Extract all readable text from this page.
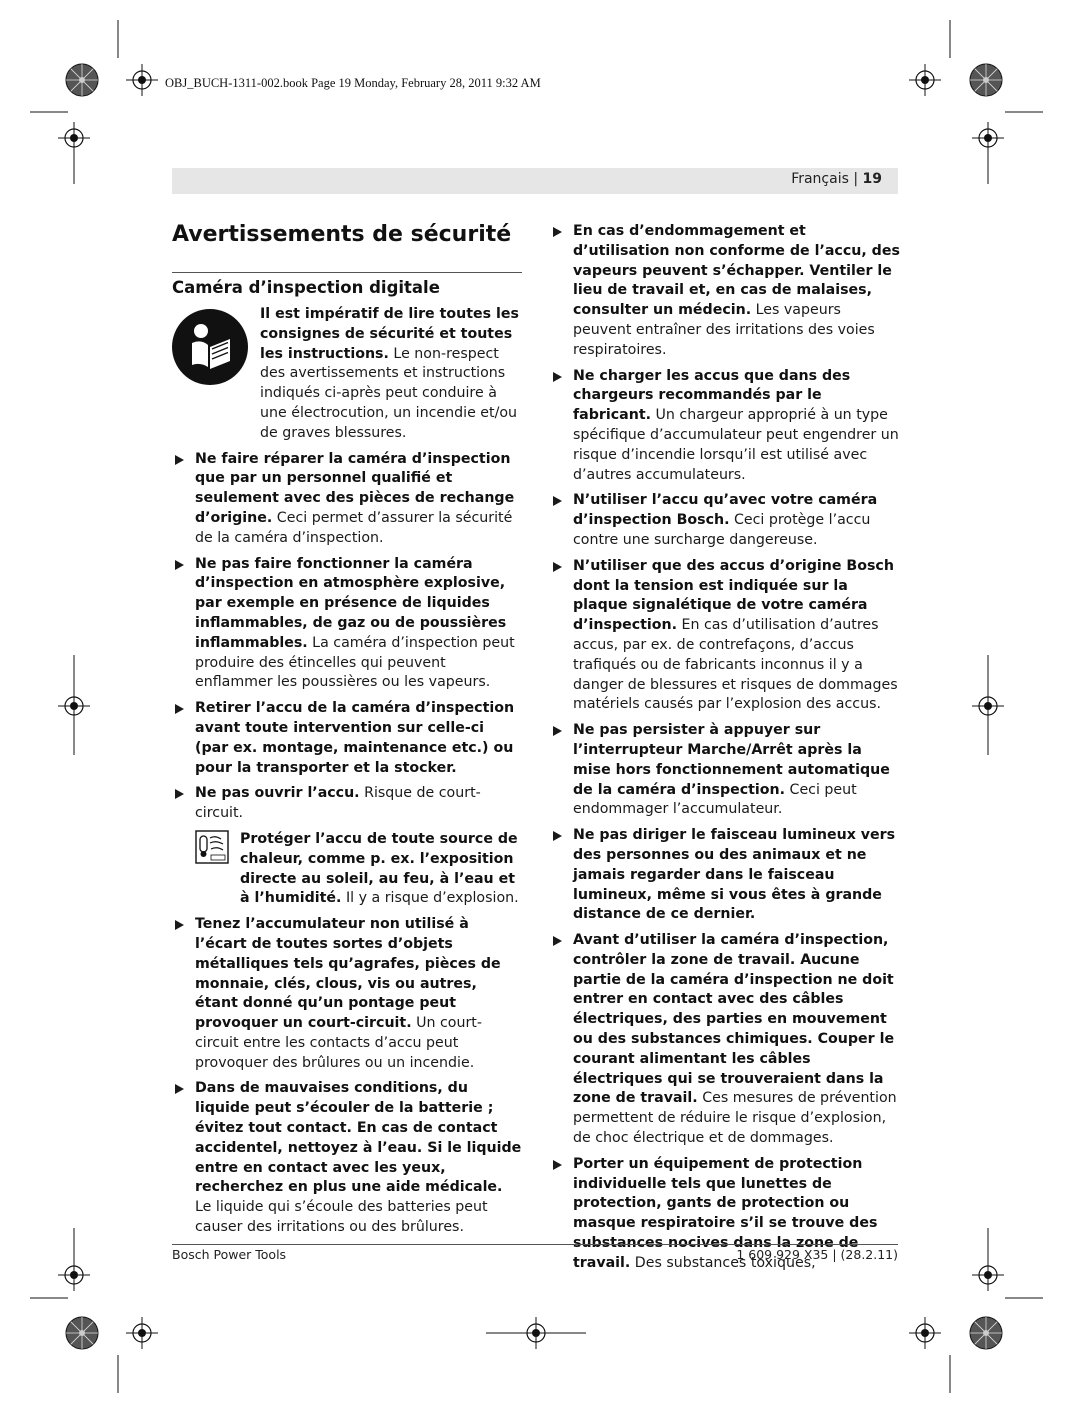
OBJ_BUCH-1311-002.book Page 19 Monday, February 28, 2011 9:32 AM
Français | 19
Avertissements de sécurité
Caméra d’inspection digitale
Il est impératif de lire toutes les consignes de sécurité et toutes les instructions. Le non-respect des avertissements et instructions indiqués ci-après peut conduire à une électrocution, un incendie et/ou de graves blessures.
Ne faire réparer la caméra d’inspection que par un personnel qualifié et seulement avec des pièces de rechange d’origine. Ceci permet d’assurer la sécurité de la caméra d’inspection.
Ne pas faire fonctionner la caméra d’inspection en atmosphère explosive, par exemple en présence de liquides inflammables, de gaz ou de poussières inflammables. La caméra d’inspection peut produire des étincelles qui peuvent enflammer les poussières ou les vapeurs.
Retirer l’accu de la caméra d’inspection avant toute intervention sur celle-ci (par ex. montage, maintenance etc.) ou pour la transporter et la stocker.
Ne pas ouvrir l’accu. Risque de court-circuit.
Protéger l’accu de toute source de chaleur, comme p. ex. l’exposition directe au soleil, au feu, à l’eau et à l’humidité. Il y a risque d’explosion.
Tenez l’accumulateur non utilisé à l’écart de toutes sortes d’objets métalliques tels qu’agrafes, pièces de monnaie, clés, clous, vis ou autres, étant donné qu’un pontage peut provoquer un court-circuit. Un court-circuit entre les contacts d’accu peut provoquer des brûlures ou un incendie.
Dans de mauvaises conditions, du liquide peut s’écouler de la batterie ; évitez tout contact. En cas de contact accidentel, nettoyez à l’eau. Si le liquide entre en contact avec les yeux, recherchez en plus une aide médicale. Le liquide qui s’écoule des batteries peut causer des irritations ou des brûlures.
En cas d’endommagement et d’utilisation non conforme de l’accu, des vapeurs peuvent s’échapper. Ventiler le lieu de travail et, en cas de malaises, consulter un médecin. Les vapeurs peuvent entraîner des irritations des voies respiratoires.
Ne charger les accus que dans des chargeurs recommandés par le fabricant. Un chargeur approprié à un type spécifique d’accumulateur peut engendrer un risque d’incendie lorsqu’il est utilisé avec d’autres accumulateurs.
N’utiliser l’accu qu’avec votre caméra d’inspection Bosch. Ceci protège l’accu contre une surcharge dangereuse.
N’utiliser que des accus d’origine Bosch dont la tension est indiquée sur la plaque signalétique de votre caméra d’inspection. En cas d’utilisation d’autres accus, par ex. de contrefaçons, d’accus trafiqués ou de fabricants inconnus il y a danger de blessures et risques de dommages matériels causés par l’explosion des accus.
Ne pas persister à appuyer sur l’interrupteur Marche/Arrêt après la mise hors fonctionnement automatique de la caméra d’inspection. Ceci peut endommager l’accumulateur.
Ne pas diriger le faisceau lumineux vers des personnes ou des animaux et ne jamais regarder dans le faisceau lumineux, même si vous êtes à grande distance de ce dernier.
Avant d’utiliser la caméra d’inspection, contrôler la zone de travail. Aucune partie de la caméra d’inspection ne doit entrer en contact avec des câbles électriques, des parties en mouvement ou des substances chimiques. Couper le courant alimentant les câbles électriques qui se trouveraient dans la zone de travail. Ces mesures de prévention permettent de réduire le risque d’explosion, de choc électrique et de dommages.
Porter un équipement de protection individuelle tels que lunettes de protection, gants de protection ou masque respiratoire s’il se trouve des substances nocives dans la zone de travail. Des substances toxiques,
Bosch Power Tools	1 609 929 X35 | (28.2.11)
